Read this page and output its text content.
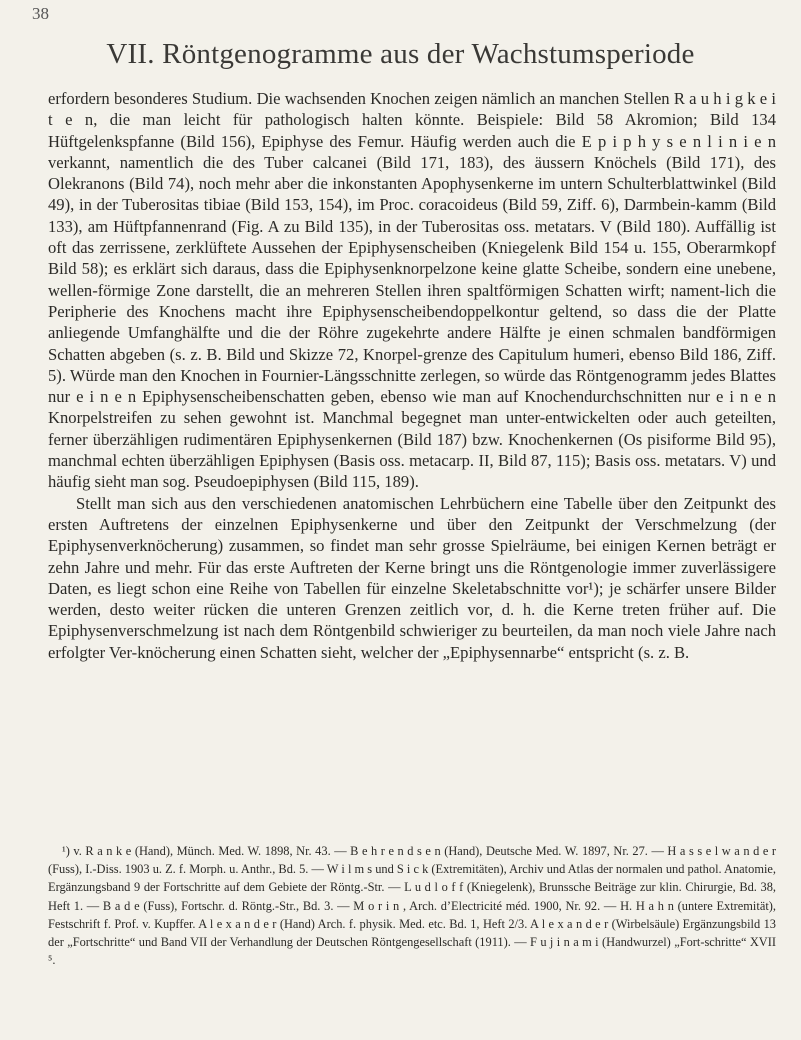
38
VII. Röntgenogramme aus der Wachstumsperiode

erfordern besonderes Studium. Die wachsenden Knochen zeigen nämlich an manchen Stellen R a u h i g k e i t e n, die man leicht für pathologisch halten könnte. Beispiele: Bild 58 Akromion; Bild 134 Hüftgelenkspfanne (Bild 156), Epiphyse des Femur. Häufig werden auch die E p i p h y s e n l i n i e n verkannt, namentlich die des Tuber calcanei (Bild 171, 183), des äussern Knöchels (Bild 171), des Olekranons (Bild 74), noch mehr aber die inkonstanten Apophysenkerne im untern Schulterblattwinkel (Bild 49), in der Tuberositas tibiae (Bild 153, 154), im Proc. coracoideus (Bild 59, Ziff. 6), Darmbein-kamm (Bild 133), am Hüftpfannenrand (Fig. A zu Bild 135), in der Tuberositas oss. metatars. V (Bild 180). Auffällig ist oft das zerrissene, zerklüftete Aussehen der Epiphysenscheiben (Kniegelenk Bild 154 u. 155, Oberarmkopf Bild 58); es erklärt sich daraus, dass die Epiphysenknorpelzone keine glatte Scheibe, sondern eine unebene, wellen-förmige Zone darstellt, die an mehreren Stellen ihren spaltförmigen Schatten wirft; nament-lich die Peripherie des Knochens macht ihre Epiphysenscheibendoppelkontur geltend, so dass die der Platte anliegende Umfanghälfte und die der Röhre zugekehrte andere Hälfte je einen schmalen bandförmigen Schatten abgeben (s. z. B. Bild und Skizze 72, Knorpel-grenze des Capitulum humeri, ebenso Bild 186, Ziff. 5). Würde man den Knochen in Fournier-Längsschnitte zerlegen, so würde das Röntgenogramm jedes Blattes nur e i n e n Epiphysenscheibenschatten geben, ebenso wie man auf Knochendurchschnitten nur e i n e n Knorpelstreifen zu sehen gewohnt ist. Manchmal begegnet man unter-entwickelten oder auch geteilten, ferner überzähligen rudimentären Epiphysenkernen (Bild 187) bzw. Knochenkernen (Os pisiforme Bild 95), manchmal echten überzähligen Epiphysen (Basis oss. metacarp. II, Bild 87, 115); Basis oss. metatars. V) und häufig sieht man sog. Pseudoepiphysen (Bild 115, 189).

Stellt man sich aus den verschiedenen anatomischen Lehrbüchern eine Tabelle über den Zeitpunkt des ersten Auftretens der einzelnen Epiphysenkerne und über den Zeitpunkt der Verschmelzung (der Epiphysenverknöcherung) zusammen, so findet man sehr grosse Spielräume, bei einigen Kernen beträgt er zehn Jahre und mehr. Für das erste Auftreten der Kerne bringt uns die Röntgenologie immer zuverlässigere Daten, es liegt schon eine Reihe von Tabellen für einzelne Skeletabschnitte vor¹); je schärfer unsere Bilder werden, desto weiter rücken die unteren Grenzen zeitlich vor, d. h. die Kerne treten früher auf. Die Epiphysenverschmelzung ist nach dem Röntgenbild schwieriger zu beurteilen, da man noch viele Jahre nach erfolgter Ver-knöcherung einen Schatten sieht, welcher der „Epiphysennarbe“ entspricht (s. z. B.

¹) v. R a n k e (Hand), Münch. Med. W. 1898, Nr. 43. — B e h r e n d s e n (Hand), Deutsche Med. W. 1897, Nr. 27. — H a s s e l w a n d e r (Fuss), I.-Diss. 1903 u. Z. f. Morph. u. Anthr., Bd. 5. — W i l m s und S i c k (Extremitäten), Archiv und Atlas der normalen und pathol. Anatomie, Ergänzungsband 9 der Fortschritte auf dem Gebiete der Röntg.-Str. — L u d l o f f (Kniegelenk), Brunssche Beiträge zur klin. Chirurgie, Bd. 38, Heft 1. — B a d e (Fuss), Fortschr. d. Röntg.-Str., Bd. 3. — M o r i n , Arch. d’Electricité méd. 1900, Nr. 92. — H. H a h n (untere Extremität), Festschrift f. Prof. v. Kupffer. A l e x a n d e r (Hand) Arch. f. physik. Med. etc. Bd. 1, Heft 2/3. A l e x a n d e r (Wirbelsäule) Ergänzungsbild 13 der „Fortschritte“ und Band VII der Verhandlung der Deutschen Röntgengesellschaft (1911). — F u j i n a m i (Handwurzel) „Fort-schritte“ XVII ⁵.
